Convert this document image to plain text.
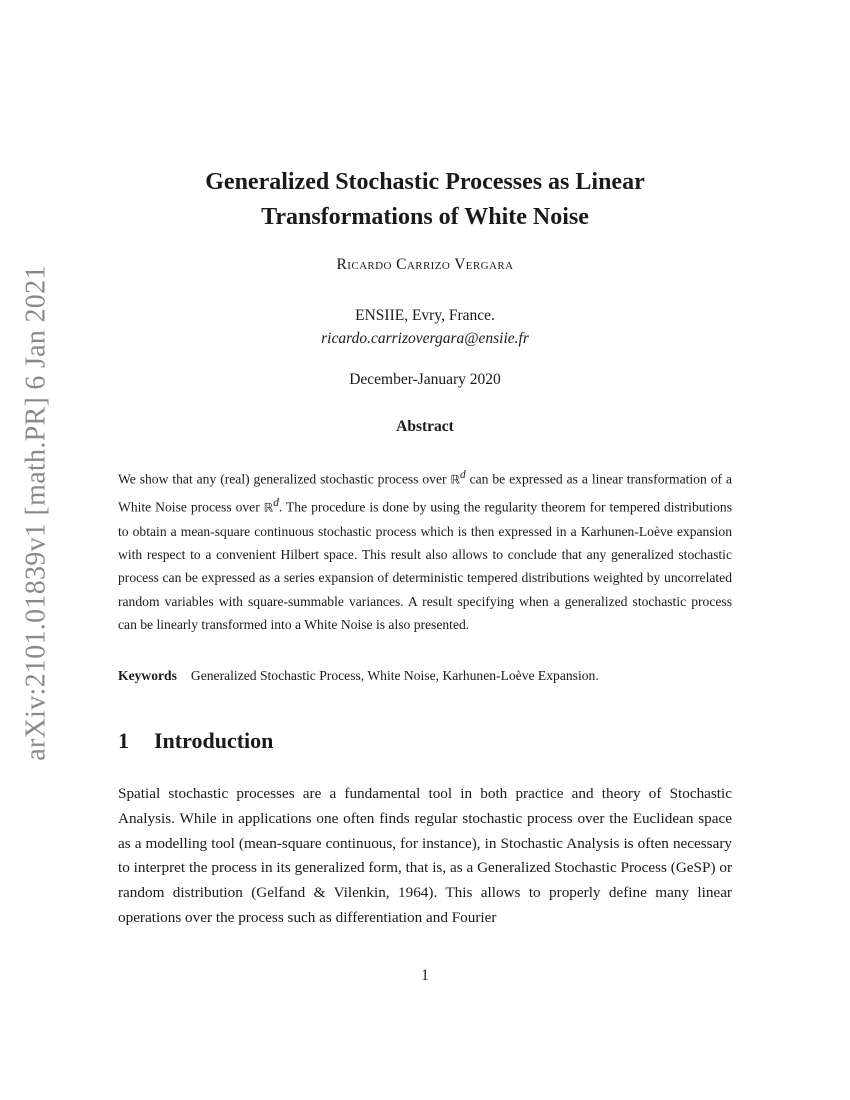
arXiv:2101.01839v1 [math.PR] 6 Jan 2021
Generalized Stochastic Processes as Linear Transformations of White Noise
Ricardo Carrizo Vergara
ENSIIE, Evry, France.
ricardo.carrizovergara@ensiie.fr
December-January 2020
Abstract
We show that any (real) generalized stochastic process over ℝ$^d$ can be expressed as a linear transformation of a White Noise process over ℝ$^d$. The procedure is done by using the regularity theorem for tempered distributions to obtain a mean-square continuous stochastic process which is then expressed in a Karhunen-Loève expansion with respect to a convenient Hilbert space. This result also allows to conclude that any generalized stochastic process can be expressed as a series expansion of deterministic tempered distributions weighted by uncorrelated random variables with square-summable variances. A result specifying when a generalized stochastic process can be linearly transformed into a White Noise is also presented.
Keywords Generalized Stochastic Process, White Noise, Karhunen-Loève Expansion.
1 Introduction
Spatial stochastic processes are a fundamental tool in both practice and theory of Stochastic Analysis. While in applications one often finds regular stochastic process over the Euclidean space as a modelling tool (mean-square continuous, for instance), in Stochastic Analysis is often necessary to interpret the process in its generalized form, that is, as a Generalized Stochastic Process (GeSP) or random distribution (Gelfand & Vilenkin, 1964). This allows to properly define many linear operations over the process such as differentiation and Fourier
1
